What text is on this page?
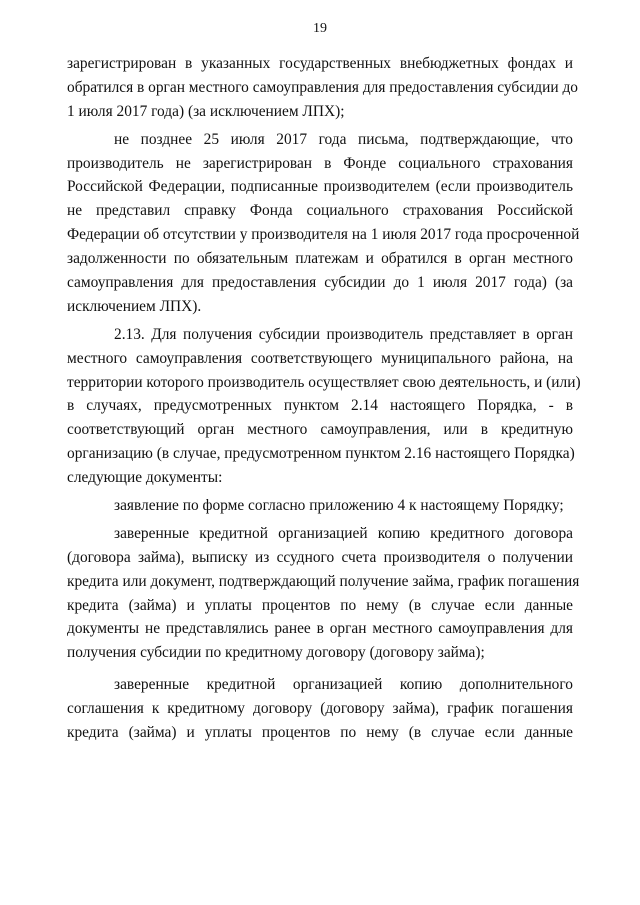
19
зарегистрирован в указанных государственных внебюджетных фондах и
обратился в орган местного самоуправления для предоставления субсидии до
1 июля 2017 года) (за исключением ЛПХ);
не позднее 25 июля 2017 года письма, подтверждающие, что
производитель не зарегистрирован в Фонде социального страхования
Российской Федерации, подписанные производителем (если производитель
не представил справку Фонда социального страхования Российской
Федерации об отсутствии у производителя на 1 июля 2017 года просроченной
задолженности по обязательным платежам и обратился в орган местного
самоуправления для предоставления субсидии до 1 июля 2017 года) (за
исключением ЛПХ).
2.13. Для получения субсидии производитель представляет в орган
местного самоуправления соответствующего муниципального района, на
территории которого производитель осуществляет свою деятельность, и (или)
в случаях, предусмотренных пунктом 2.14 настоящего Порядка, - в
соответствующий орган местного самоуправления, или в кредитную
организацию (в случае, предусмотренном пунктом 2.16 настоящего Порядка)
следующие документы:
заявление по форме согласно приложению 4 к настоящему Порядку;
заверенные кредитной организацией копию кредитного договора
(договора займа), выписку из ссудного счета производителя о получении
кредита или документ, подтверждающий получение займа, график погашения
кредита (займа) и уплаты процентов по нему (в случае если данные
документы не представлялись ранее в орган местного самоуправления для
получения субсидии по кредитному договору (договору займа);
заверенные кредитной организацией копию дополнительного
соглашения к кредитному договору (договору займа), график погашения
кредита (займа) и уплаты процентов по нему (в случае если данные
